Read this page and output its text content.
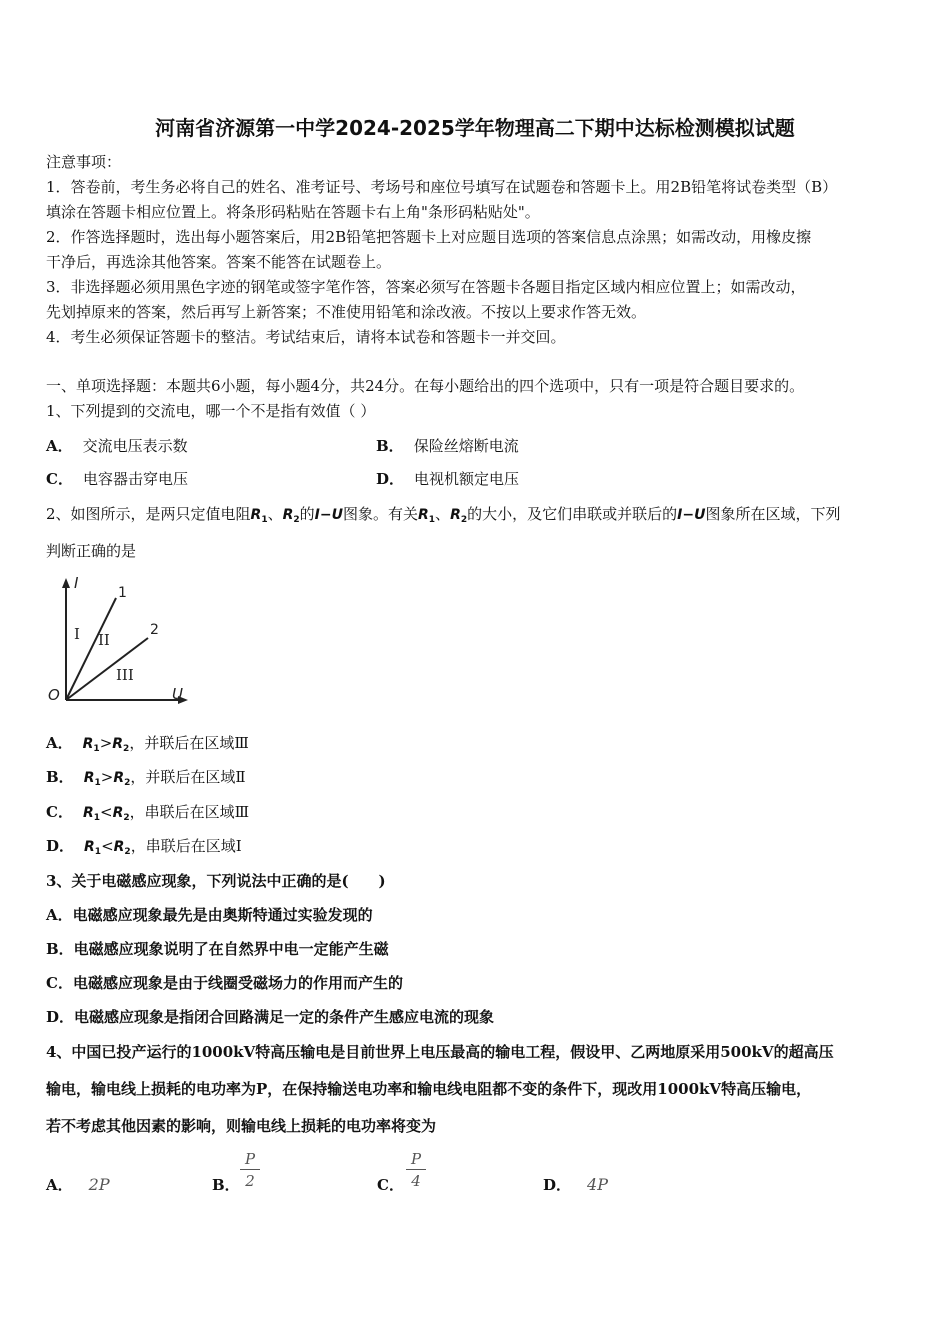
河南省济源第一中学2024-2025学年物理高二下期中达标检测模拟试题
注意事项：
1．答卷前，考生务必将自己的姓名、准考证号、考场号和座位号填写在试题卷和答题卡上。用2B铅笔将试卷类型（B）
填涂在答题卡相应位置上。将条形码粘贴在答题卡右上角"条形码粘贴处"。
2．作答选择题时，选出每小题答案后，用2B铅笔把答题卡上对应题目选项的答案信息点涂黑；如需改动，用橡皮擦
干净后，再选涂其他答案。答案不能答在试题卷上。
3．非选择题必须用黑色字迹的钢笔或签字笔作答，答案必须写在答题卡各题目指定区域内相应位置上；如需改动，
先划掉原来的答案，然后再写上新答案；不准使用铅笔和涂改液。不按以上要求作答无效。
4．考生必须保证答题卡的整洁。考试结束后，请将本试卷和答题卡一并交回。
一、单项选择题：本题共6小题，每小题4分，共24分。在每小题给出的四个选项中，只有一项是符合题目要求的。
1、下列提到的交流电，哪一个不是指有效值（ ）
A． 交流电压表示数	B． 保险丝熔断电流
C． 电容器击穿电压	D． 电视机额定电压
2、如图所示，是两只定值电阻$R_1$、$R_2$的I−U图象。有关$R_1$、$R_2$的大小，及它们串联或并联后的I−U图象所在区域，下列
判断正确的是
I
U
O
1
2
I II
III
A． $R_1>R_2$，并联后在区域Ⅲ
B． $R_1>R_2$，并联后在区域Ⅱ
C． $R_1<R_2$，串联后在区域Ⅲ
D． $R_1<R_2$，串联后在区域Ⅰ
3、关于电磁感应现象，下列说法中正确的是(　　)
A．电磁感应现象最先是由奥斯特通过实验发现的
B．电磁感应现象说明了在自然界中电一定能产生磁
C．电磁感应现象是由于线圈受磁场力的作用而产生的
D．电磁感应现象是指闭合回路满足一定的条件产生感应电流的现象
4、中国已投产运行的1000kV特高压输电是目前世界上电压最高的输电工程，假设甲、乙两地原采用500kV的超高压
输电，输电线上损耗的电功率为P，在保持输送电功率和输电线电阻都不变的条件下，现改用1000kV特高压输电，
若不考虑其他因素的影响，则输电线上损耗的电功率将变为
A． 2P	B． $\frac{P}{2}$	C． $\frac{P}{4}$	D． 4P
